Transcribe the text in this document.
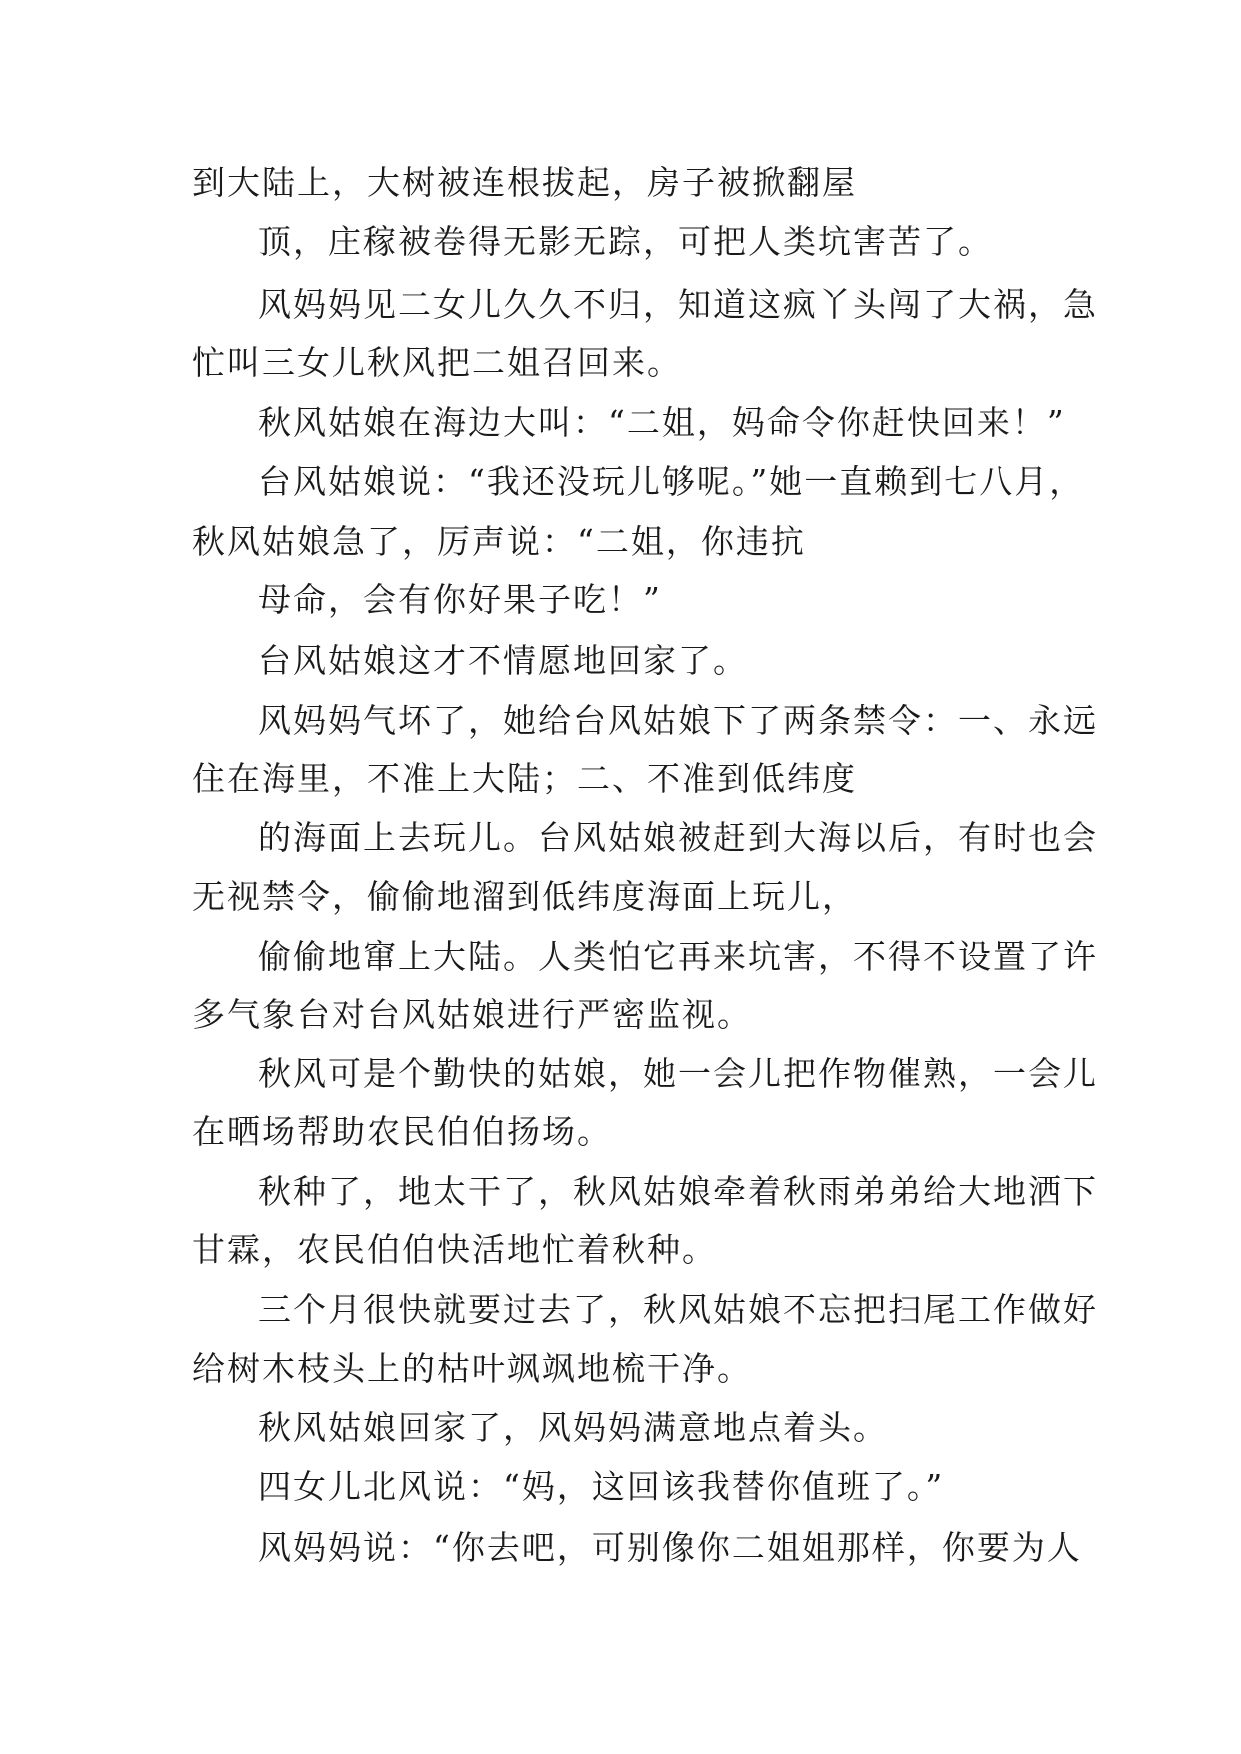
到大陆上，大树被连根拔起，房子被掀翻屋
顶，庄稼被卷得无影无踪，可把人类坑害苦了。
风妈妈见二女儿久久不归，知道这疯丫头闯了大祸，急
忙叫三女儿秋风把二姐召回来。
秋风姑娘在海边大叫：“二姐，妈命令你赶快回来！”
台风姑娘说：“我还没玩儿够呢。”她一直赖到七八月，
秋风姑娘急了，厉声说：“二姐，你违抗
母命，会有你好果子吃！”
台风姑娘这才不情愿地回家了。
风妈妈气坏了，她给台风姑娘下了两条禁令：一、永远
住在海里，不准上大陆；二、不准到低纬度
的海面上去玩儿。台风姑娘被赶到大海以后，有时也会
无视禁令，偷偷地溜到低纬度海面上玩儿，
偷偷地窜上大陆。人类怕它再来坑害，不得不设置了许
多气象台对台风姑娘进行严密监视。
秋风可是个勤快的姑娘，她一会儿把作物催熟，一会儿
在晒场帮助农民伯伯扬场。
秋种了，地太干了，秋风姑娘牵着秋雨弟弟给大地洒下
甘霖，农民伯伯快活地忙着秋种。
三个月很快就要过去了，秋风姑娘不忘把扫尾工作做好
给树木枝头上的枯叶飒飒地梳干净。
秋风姑娘回家了，风妈妈满意地点着头。
四女儿北风说：“妈，这回该我替你值班了。”
风妈妈说：“你去吧，可别像你二姐姐那样，你要为人
